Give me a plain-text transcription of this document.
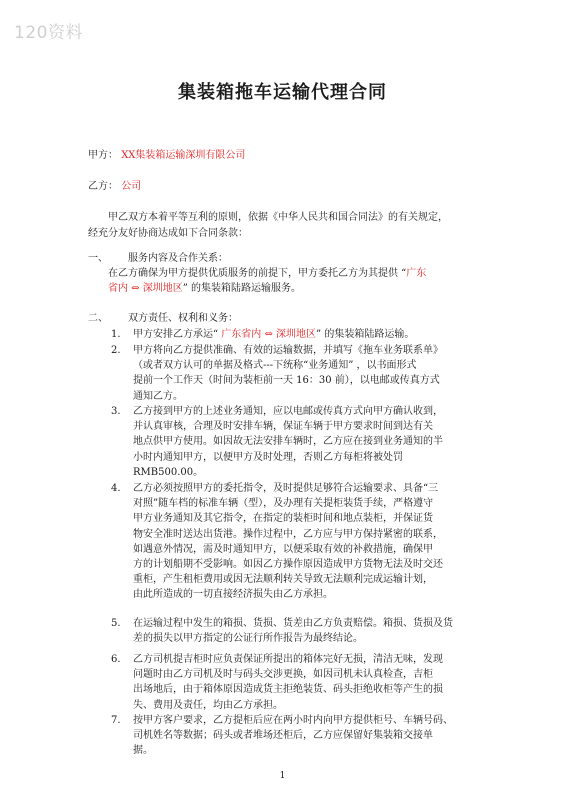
120资料
集装箱拖车运输代理合同
甲方： XX集装箱运输深圳有限公司
乙方： 公司
甲乙双方本着平等互利的原则，依据《中华人民共和国合同法》的有关规定，
经充分友好协商达成如下合同条款：
一、 服务内容及合作关系：
在乙方确保为甲方提供优质服务的前提下，甲方委托乙方为其提供 “广东
省内 ⇔ 深圳地区” 的集装箱陆路运输服务。
二、 双方责任、权利和义务：
1. 甲方安排乙方承运“ 广东省内 ⇔ 深圳地区” 的集装箱陆路运输。
2. 甲方将向乙方提供准确、有效的运输数据，并填写《拖车业务联系单》
（或者双方认可的单据及格式---下统称“业务通知” ，以书面形式
提前一个工作天（时间为装柜前一天 16：30 前），以电邮或传真方式
通知乙方。
3. 乙方接到甲方的上述业务通知，应以电邮或传真方式向甲方确认收到，
并认真审核，合理及时安排车辆，保证车辆于甲方要求时间到达有关
地点供甲方使用。如因故无法安排车辆时，乙方应在接到业务通知的半
小时内通知甲方，以便甲方及时处理，否则乙方每柜将被处罚
RMB500.00。
4. 乙方必须按照甲方的委托指令，及时提供足够符合运输要求、具备“三
对照”随车档的标准车辆（型），及办理有关提柜装货手续，严格遵守
甲方业务通知及其它指令，在指定的装柜时间和地点装柜，并保证货
物安全准时送达出货港。操作过程中，乙方应与甲方保持紧密的联系，
如遇意外情况，需及时通知甲方，以便采取有效的补救措施，确保甲
方的计划船期不受影响。如因乙方操作原因造成甲方货物无法及时交还
重柜，产生租柜费用或因无法顺利转关导致无法顺利完成运输计划，
由此所造成的一切直接经济损失由乙方承担。
5. 在运输过程中发生的箱损、货损、货差由乙方负责赔偿。箱损、货损及货
差的损失以甲方指定的公证行所作报告为最终结论。
6. 乙方司机提吉柜时应负责保证所提出的箱体完好无损，清洁无味，发现
问题时由乙方司机及时与码头交涉更换，如因司机未认真检查，吉柜
出场地后，由于箱体原因造成货主拒绝装货、码头拒绝收柜等产生的损
失、费用及责任，均由乙方承担。
7. 按甲方客户要求，乙方提柜后应在两小时内向甲方提供柜号、车辆号码、
司机姓名等数据；码头或者堆场还柜后，乙方应保留好集装箱交接单
据。
1
